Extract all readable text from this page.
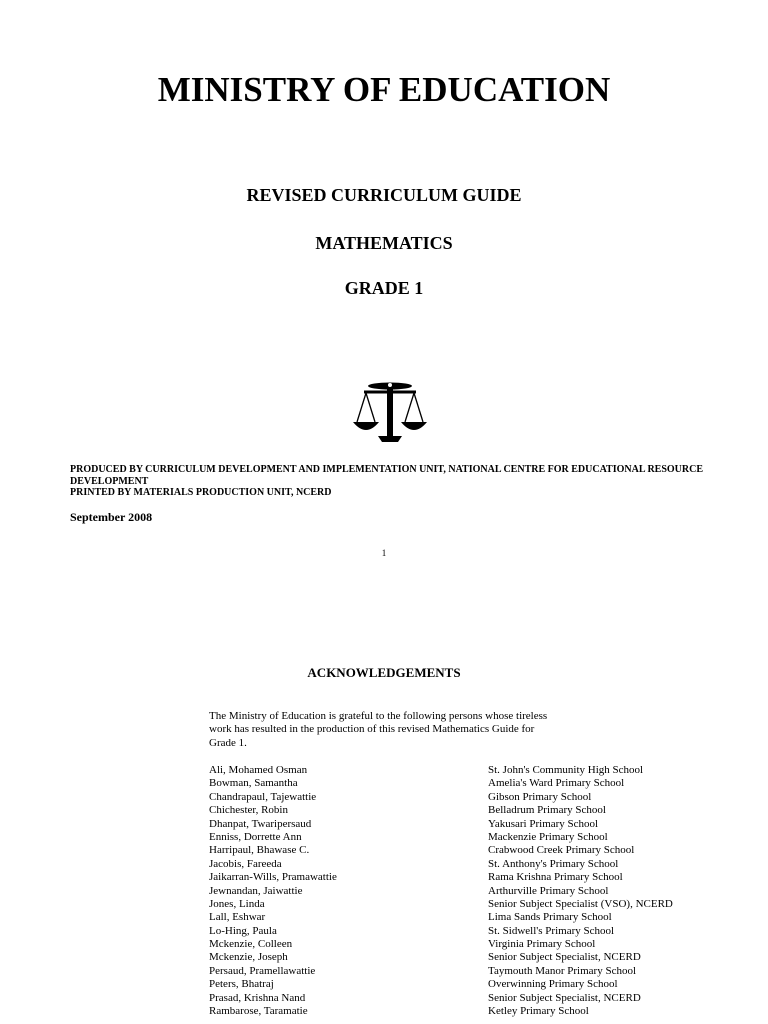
MINISTRY OF EDUCATION
REVISED CURRICULUM GUIDE
MATHEMATICS
GRADE 1
PRODUCED BY CURRICULUM DEVELOPMENT AND IMPLEMENTATION UNIT, NATIONAL CENTRE FOR EDUCATIONAL RESOURCE DEVELOPMENT
PRINTED BY MATERIALS PRODUCTION UNIT, NCERD
September 2008
1
ACKNOWLEDGEMENTS
The Ministry of Education is grateful to the following persons whose tireless work has resulted in the production of this revised Mathematics Guide for Grade 1.
Ali, Mohamed Osman
Bowman, Samantha
Chandrapaul, Tajewattie
Chichester, Robin
Dhanpat, Twaripersaud
Enniss, Dorrette Ann
Harripaul, Bhawase C.
Jacobis, Fareeda
Jaikarran-Wills, Pramawattie
Jewnandan, Jaiwattie
Jones, Linda
Lall, Eshwar
Lo-Hing, Paula
Mckenzie, Colleen
Mckenzie, Joseph
Persaud, Pramellawattie
Peters, Bhatraj
Prasad, Krishna Nand
Rambarose, Taramatie
St. John's Community High School
Amelia's Ward Primary School
Gibson Primary School
Belladrum Primary School
Yakusari Primary School
Mackenzie Primary School
Crabwood Creek Primary School
St. Anthony's Primary School
Rama Krishna Primary School
Arthurville Primary School
Senior Subject Specialist (VSO), NCERD
Lima Sands Primary School
St. Sidwell's Primary School
Virginia Primary School
Senior Subject Specialist, NCERD
Taymouth Manor Primary School
Overwinning Primary School
Senior Subject Specialist, NCERD
Ketley Primary School
